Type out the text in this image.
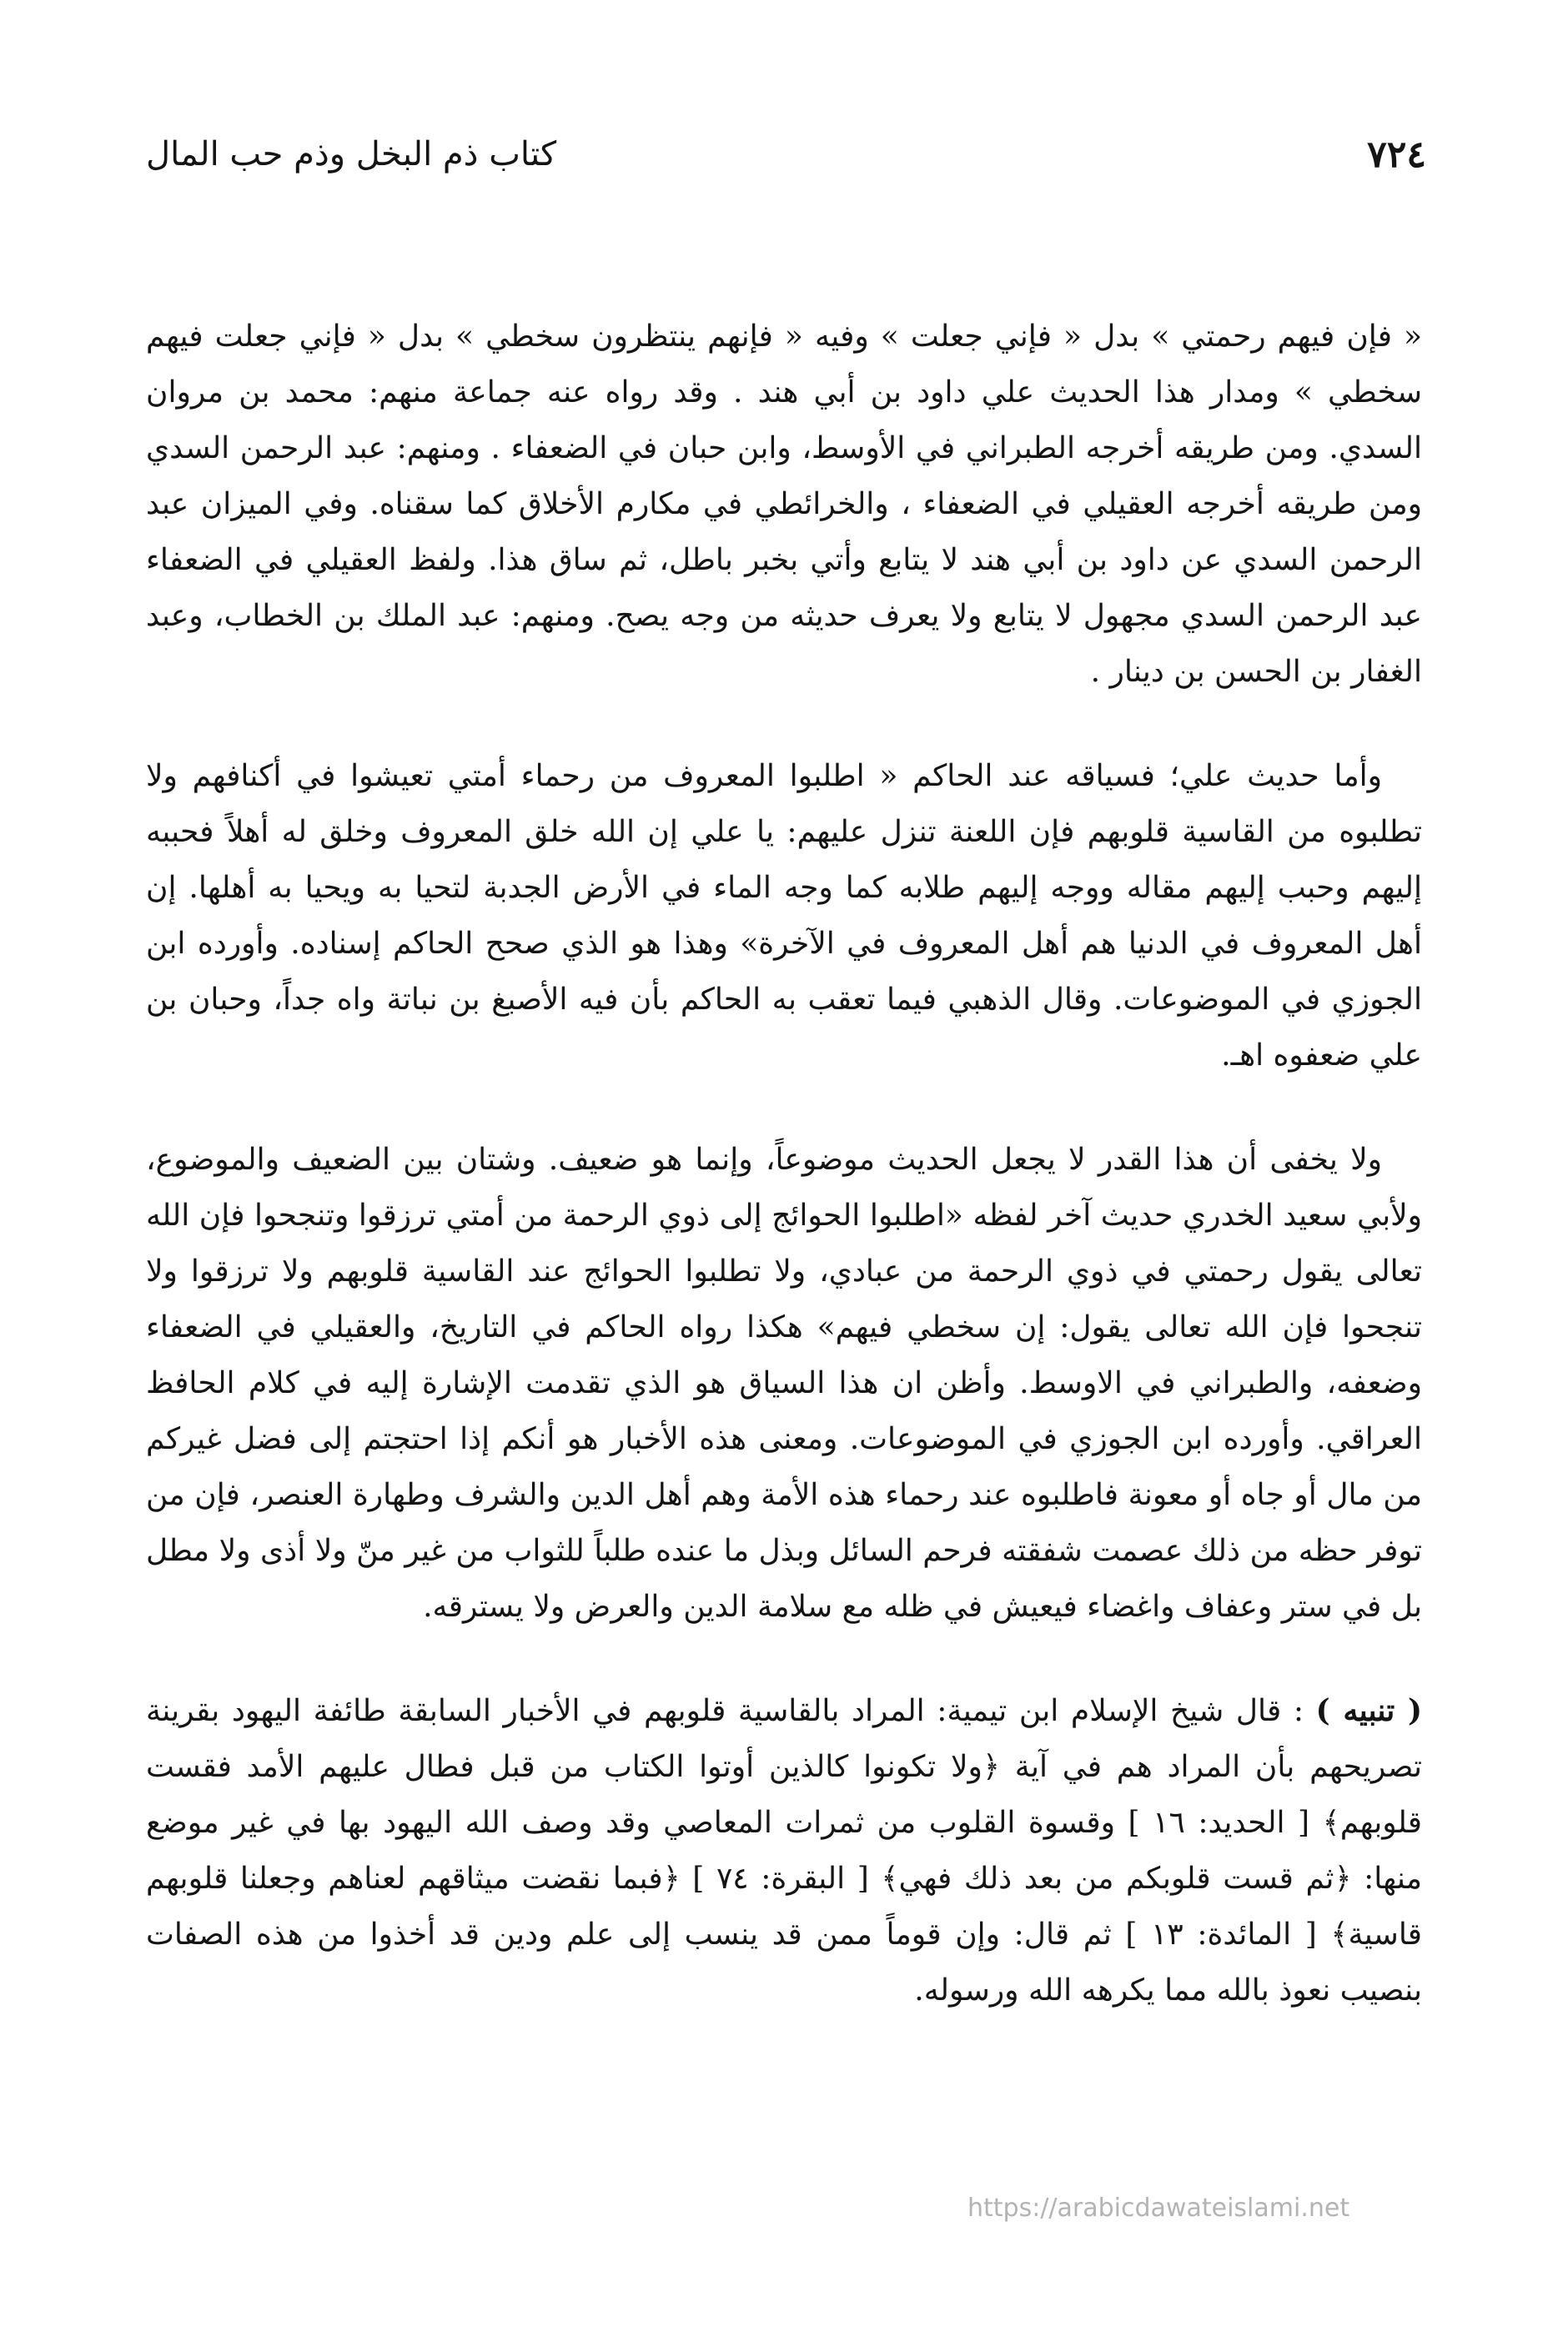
٧٢٤
كتاب ذم البخل وذم حب المال

« فإن فيهم رحمتي » بدل « فإني جعلت » وفيه « فإنهم ينتظرون سخطي » بدل « فإني جعلت فيهم سخطي » ومدار هذا الحديث علي داود بن أبي هند . وقد رواه عنه جماعة منهم: محمد بن مروان السدي. ومن طريقه أخرجه الطبراني في الأوسط، وابن حبان في الضعفاء . ومنهم: عبد الرحمن السدي ومن طريقه أخرجه العقيلي في الضعفاء ، والخرائطي في مكارم الأخلاق كما سقناه. وفي الميزان عبد الرحمن السدي عن داود بن أبي هند لا يتابع وأتي بخبر باطل، ثم ساق هذا. ولفظ العقيلي في الضعفاء عبد الرحمن السدي مجهول لا يتابع ولا يعرف حديثه من وجه يصح. ومنهم: عبد الملك بن الخطاب، وعبد الغفار بن الحسن بن دينار .

وأما حديث علي؛ فسياقه عند الحاكم « اطلبوا المعروف من رحماء أمتي تعيشوا في أكنافهم ولا تطلبوه من القاسية قلوبهم فإن اللعنة تنزل عليهم: يا علي إن الله خلق المعروف وخلق له أهلاً فحببه إليهم وحبب إليهم مقاله ووجه إليهم طلابه كما وجه الماء في الأرض الجدبة لتحيا به ويحيا به أهلها. إن أهل المعروف في الدنيا هم أهل المعروف في الآخرة» وهذا هو الذي صحح الحاكم إسناده. وأورده ابن الجوزي في الموضوعات. وقال الذهبي فيما تعقب به الحاكم بأن فيه الأصبغ بن نباتة واه جداً، وحبان بن علي ضعفوه اهـ.

ولا يخفى أن هذا القدر لا يجعل الحديث موضوعاً، وإنما هو ضعيف. وشتان بين الضعيف والموضوع، ولأبي سعيد الخدري حديث آخر لفظه «اطلبوا الحوائج إلى ذوي الرحمة من أمتي ترزقوا وتنجحوا فإن الله تعالى يقول رحمتي في ذوي الرحمة من عبادي، ولا تطلبوا الحوائج عند القاسية قلوبهم ولا ترزقوا ولا تنجحوا فإن الله تعالى يقول: إن سخطي فيهم» هكذا رواه الحاكم في التاريخ، والعقيلي في الضعفاء وضعفه، والطبراني في الاوسط. وأظن ان هذا السياق هو الذي تقدمت الإشارة إليه في كلام الحافظ العراقي. وأورده ابن الجوزي في الموضوعات. ومعنى هذه الأخبار هو أنكم إذا احتجتم إلى فضل غيركم من مال أو جاه أو معونة فاطلبوه عند رحماء هذه الأمة وهم أهل الدين والشرف وطهارة العنصر، فإن من توفر حظه من ذلك عصمت شفقته فرحم السائل وبذل ما عنده طلباً للثواب من غير منّ ولا أذى ولا مطل بل في ستر وعفاف واغضاء فيعيش في ظله مع سلامة الدين والعرض ولا يسترقه.

( تنبيه ) : قال شيخ الإسلام ابن تيمية: المراد بالقاسية قلوبهم في الأخبار السابقة طائفة اليهود بقرينة تصريحهم بأن المراد هم في آية ﴿ولا تكونوا كالذين أوتوا الكتاب من قبل فطال عليهم الأمد فقست قلوبهم﴾ [ الحديد: ١٦ ] وقسوة القلوب من ثمرات المعاصي وقد وصف الله اليهود بها في غير موضع منها: ﴿ثم قست قلوبكم من بعد ذلك فهي﴾ [ البقرة: ٧٤ ] ﴿فبما نقضت ميثاقهم لعناهم وجعلنا قلوبهم قاسية﴾ [ المائدة: ١٣ ] ثم قال: وإن قوماً ممن قد ينسب إلى علم ودين قد أخذوا من هذه الصفات بنصيب نعوذ بالله مما يكرهه الله ورسوله.

https://arabicdawateislami.net
